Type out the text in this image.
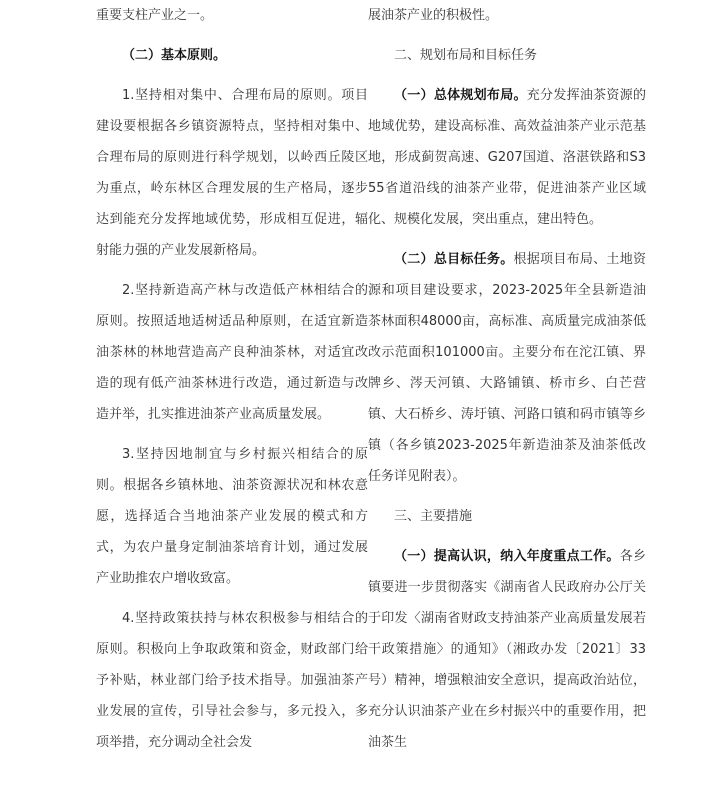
重要支柱产业之一。

（二）基本原则。

1.坚持相对集中、合理布局的原则。项目建设要根据各乡镇资源特点，坚持相对集中、合理布局的原则进行科学规划，以岭西丘陵区为重点，岭东林区合理发展的生产格局，逐步达到能充分发挥地域优势，形成相互促进，辐射能力强的产业发展新格局。

2.坚持新造高产林与改造低产林相结合的原则。按照适地适树适品种原则，在适宜新造油茶林的林地营造高产良种油茶林，对适宜改造的现有低产油茶林进行改造，通过新造与改造并举，扎实推进油茶产业高质量发展。

3.坚持因地制宜与乡村振兴相结合的原则。根据各乡镇林地、油茶资源状况和林农意愿，选择适合当地油茶产业发展的模式和方式，为农户量身定制油茶培育计划，通过发展产业助推农户增收致富。

4.坚持政策扶持与林农积极参与相结合的原则。积极向上争取政策和资金，财政部门给予补贴，林业部门给予技术指导。加强油茶产业发展的宣传，引导社会参与，多元投入，多项举措，充分调动全社会发

展油茶产业的积极性。

二、规划布局和目标任务

（一）总体规划布局。充分发挥油茶资源的地域优势，建设高标准、高效益油茶产业示范基地，形成蓟贺高速、G207国道、洛湛铁路和S355省道沿线的油茶产业带，促进油茶产业区域化、规模化发展，突出重点，建出特色。

（二）总目标任务。根据项目布局、土地资源和项目建设要求，2023-2025年全县新造油茶林面积48000亩，高标准、高质量完成油茶低改示范面积101000亩。主要分布在沱江镇、界牌乡、涔天河镇、大路铺镇、桥市乡、白芒营镇、大石桥乡、涛圩镇、河路口镇和码市镇等乡镇（各乡镇2023-2025年新造油茶及油茶低改任务详见附表）。

三、主要措施

（一）提高认识，纳入年度重点工作。各乡镇要进一步贯彻落实《湖南省人民政府办公厅关于印发〈湖南省财政支持油茶产业高质量发展若干政策措施〉的通知》（湘政办发〔2021〕33号）精神，增强粮油安全意识，提高政治站位，充分认识油茶产业在乡村振兴中的重要作用，把油茶生
